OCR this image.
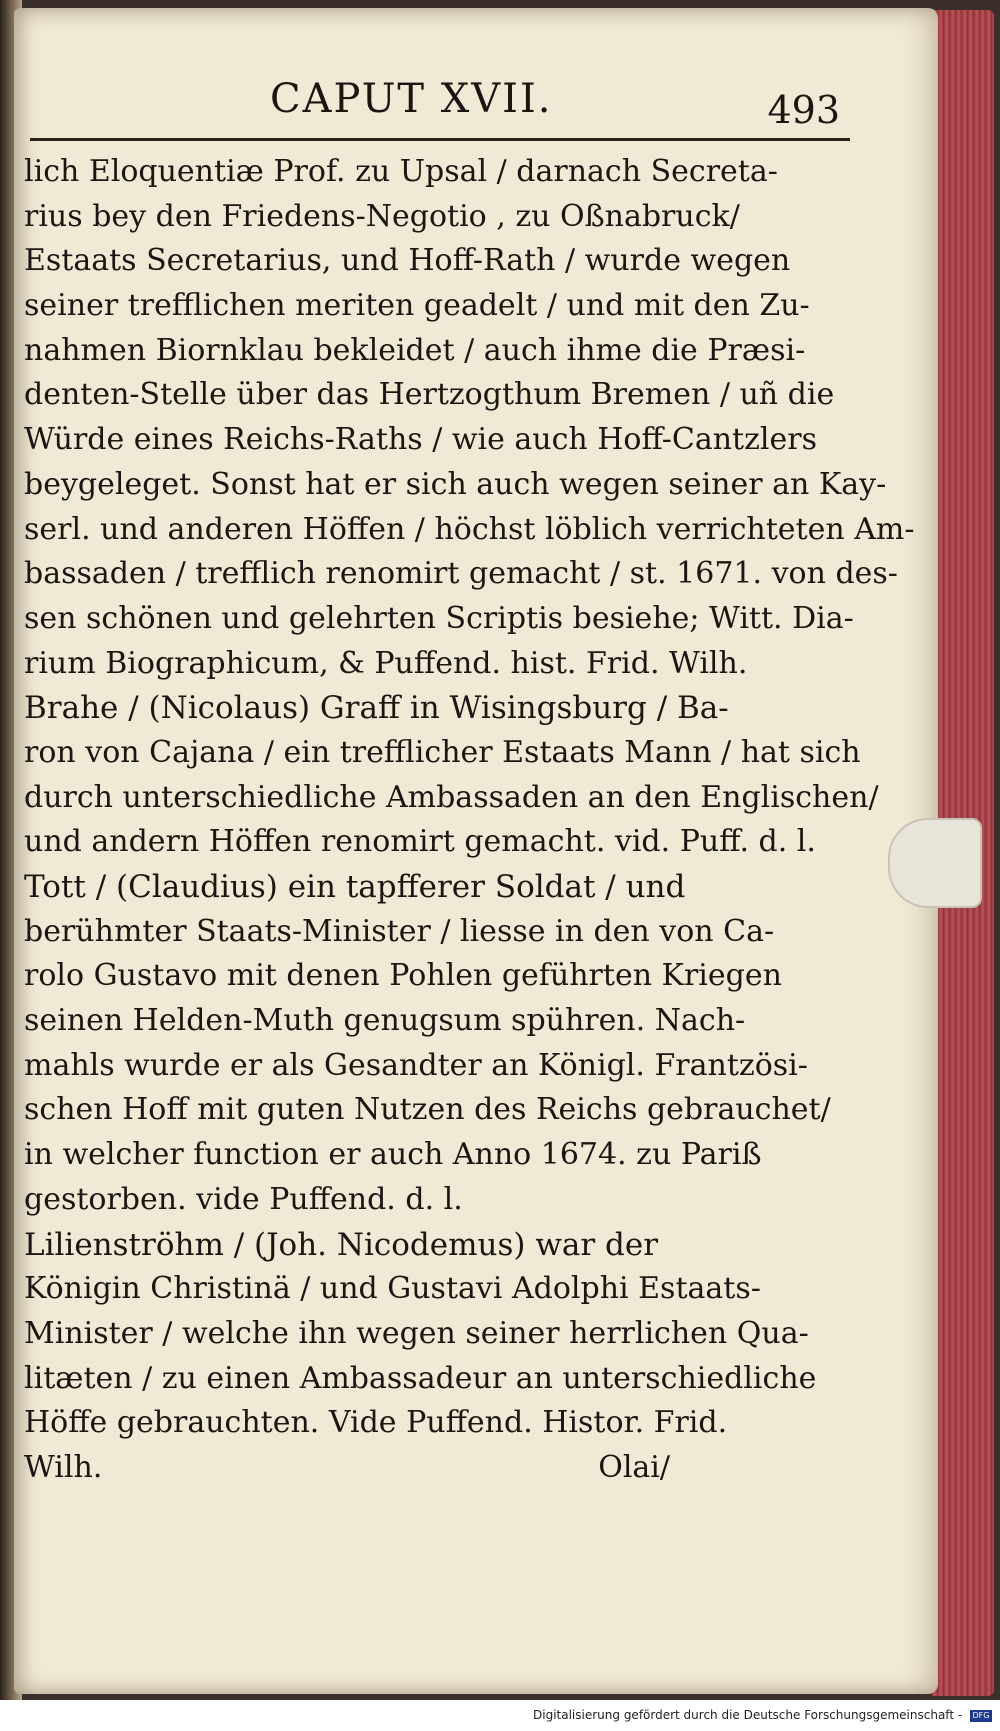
CAPUT XVII.	493
lich Eloquentiæ Prof. zu Upsal / darnach Secreta-
rius bey den Friedens-Negotio , zu Oßnabruck/
Estaats Secretarius, und Hoff-Rath / wurde wegen
seiner trefflichen meriten geadelt / und mit den Zu-
nahmen Biornklau bekleidet / auch ihme die Præsi-
denten-Stelle über das Hertzogthum Bremen / uñ die
Würde eines Reichs-Raths / wie auch Hoff-Cantzlers
beygeleget. Sonst hat er sich auch wegen seiner an Kay-
serl. und anderen Höffen / höchst löblich verrichteten Am-
bassaden / trefflich renomirt gemacht / st. 1671. von des-
sen schönen und gelehrten Scriptis besiehe; Witt. Dia-
rium Biographicum, & Puffend. hist. Frid. Wilh.
Brahe / (Nicolaus) Graff in Wisingsburg / Ba-
ron von Cajana / ein trefflicher Estaats Mann / hat sich
durch unterschiedliche Ambassaden an den Englischen/
und andern Höffen renomirt gemacht. vid. Puff. d. l.
Tott / (Claudius) ein tapfferer Soldat / und
berühmter Staats-Minister / liesse in den von Ca-
rolo Gustavo mit denen Pohlen geführten Kriegen
seinen Helden-Muth genugsum spühren. Nach-
mahls wurde er als Gesandter an Königl. Frantzösi-
schen Hoff mit guten Nutzen des Reichs gebrauchet/
in welcher function er auch Anno 1674. zu Pariß
gestorben. vide Puffend. d. l.
Lilienströhm / (Joh. Nicodemus) war der
Königin Christinä / und Gustavi Adolphi Estaats-
Minister / welche ihn wegen seiner herrlichen Qua-
litæten / zu einen Ambassadeur an unterschiedliche
Höffe gebrauchten. Vide Puffend. Histor. Frid.
Wilh.                                                    Olai/
Digitalisierung gefördert durch die Deutsche Forschungsgemeinschaft - DFG
